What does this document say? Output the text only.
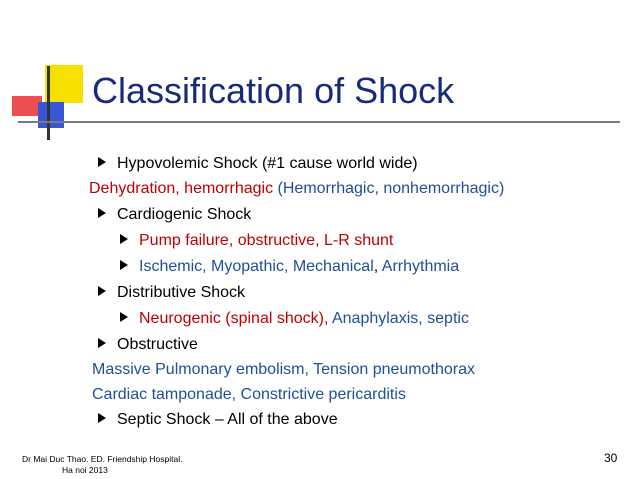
Classification of Shock
Hypovolemic Shock (#1 cause world wide)
Dehydration, hemorrhagic (Hemorrhagic, nonhemorrhagic)
Cardiogenic Shock
Pump failure, obstructive, L-R shunt
Ischemic, Myopathic, Mechanical, Arrhythmia
Distributive Shock
Neurogenic (spinal shock), Anaphylaxis, septic
Obstructive
Massive Pulmonary embolism, Tension pneumothorax
Cardiac tamponade, Constrictive pericarditis
Septic Shock – All of the above
Dr Mai Duc Thao. ED. Friendship Hospital.
Ha noi 2013
30
